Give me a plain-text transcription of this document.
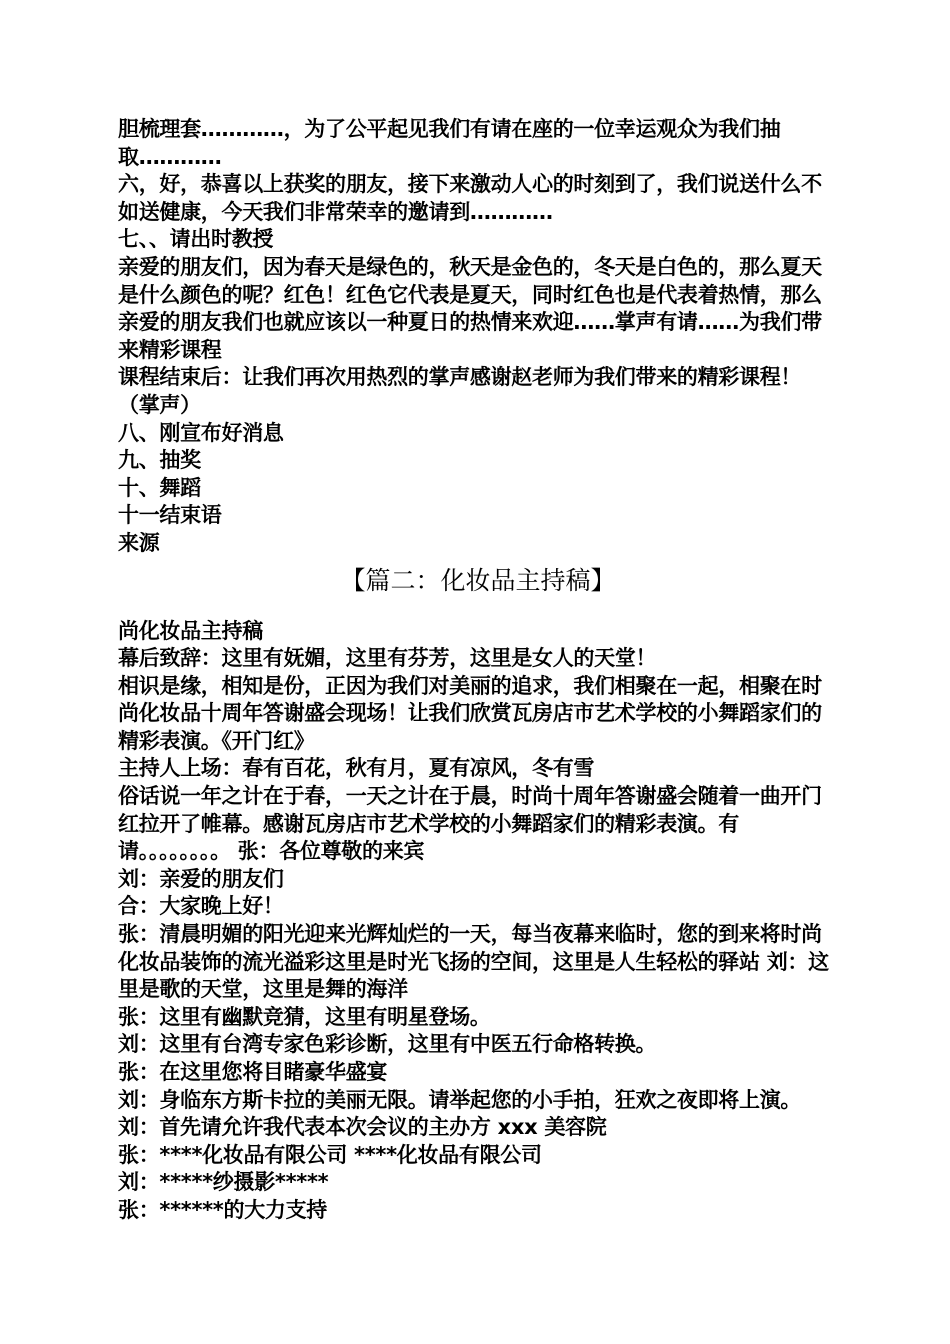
胆梳理套…………，为了公平起见我们有请在座的一位幸运观众为我们抽取…………

六，好，恭喜以上获奖的朋友，接下来激动人心的时刻到了，我们说送什么不如送健康，今天我们非常荣幸的邀请到…………

七、、请出时教授

亲爱的朋友们，因为春天是绿色的，秋天是金色的，冬天是白色的，那么夏天是什么颜色的呢？红色！红色它代表是夏天，同时红色也是代表着热情，那么亲爱的朋友我们也就应该以一种夏日的热情来欢迎……掌声有请……为我们带来精彩课程

课程结束后：让我们再次用热烈的掌声感谢赵老师为我们带来的精彩课程！ （掌声）

八、刚宣布好消息

九、抽奖

十、舞蹈

十一结束语

来源

【篇二：化妆品主持稿】

尚化妆品主持稿

幕后致辞：这里有妩媚，这里有芬芳，这里是女人的天堂！

相识是缘，相知是份，正因为我们对美丽的追求，我们相聚在一起，相聚在时尚化妆品十周年答谢盛会现场！让我们欣赏瓦房店市艺术学校的小舞蹈家们的精彩表演。《开门红》

主持人上场：春有百花，秋有月，夏有凉风，冬有雪

俗话说一年之计在于春，一天之计在于晨，时尚十周年答谢盛会随着一曲开门红拉开了帷幕。感谢瓦房店市艺术学校的小舞蹈家们的精彩表演。有请。。。。。。。。 张：各位尊敬的来宾

刘：亲爱的朋友们

合：大家晚上好！

张：清晨明媚的阳光迎来光辉灿烂的一天，每当夜幕来临时，您的到来将时尚化妆品装饰的流光溢彩这里是时光飞扬的空间，这里是人生轻松的驿站 刘：这里是歌的天堂，这里是舞的海洋

张：这里有幽默竞猜，这里有明星登场。

刘：这里有台湾专家色彩诊断，这里有中医五行命格转换。

张：在这里您将目睹豪华盛宴

刘：身临东方斯卡拉的美丽无限。请举起您的小手拍，狂欢之夜即将上演。 刘：首先请允许我代表本次会议的主办方 xxx 美容院

张：****化妆品有限公司 ****化妆品有限公司

刘：*****纱摄影*****

张：******的大力支持
